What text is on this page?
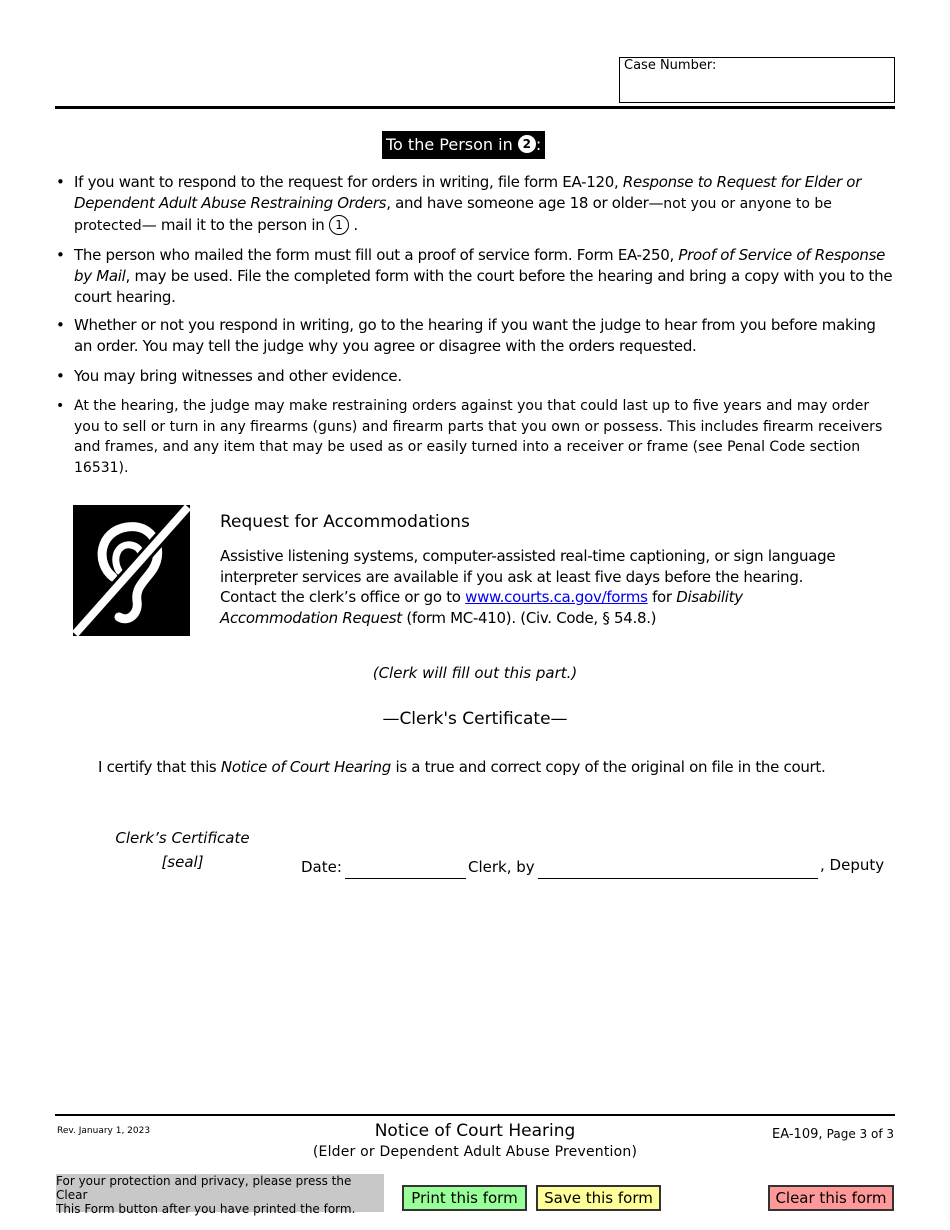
Case Number:
To the Person in 2 :
• If you want to respond to the request for orders in writing, file form EA-120, Response to Request for Elder or Dependent Adult Abuse Restraining Orders, and have someone age 18 or older—not you or anyone to be protected— mail it to the person in 1 .
• The person who mailed the form must fill out a proof of service form. Form EA-250, Proof of Service of Response by Mail, may be used. File the completed form with the court before the hearing and bring a copy with you to the court hearing.
• Whether or not you respond in writing, go to the hearing if you want the judge to hear from you before making an order. You may tell the judge why you agree or disagree with the orders requested.
• You may bring witnesses and other evidence.
• At the hearing, the judge may make restraining orders against you that could last up to five years and may order you to sell or turn in any firearms (guns) and firearm parts that you own or possess. This includes firearm receivers and frames, and any item that may be used as or easily turned into a receiver or frame (see Penal Code section 16531).
Request for Accommodations
Assistive listening systems, computer-assisted real-time captioning, or sign language interpreter services are available if you ask at least five days before the hearing. Contact the clerk’s office or go to www.courts.ca.gov/forms for Disability Accommodation Request (form MC-410). (Civ. Code, § 54.8.)
(Clerk will fill out this part.)
—Clerk's Certificate—
I certify that this Notice of Court Hearing is a true and correct copy of the original on file in the court.
Clerk’s Certificate
[seal]	Date:	Clerk, by	, Deputy
Rev. January 1, 2023	Notice of Court Hearing
(Elder or Dependent Adult Abuse Prevention)
EA-109, Page 3 of 3
For your protection and privacy, please press the Clear
This Form button after you have printed the form.
Print this form	Save this form	Clear this form
